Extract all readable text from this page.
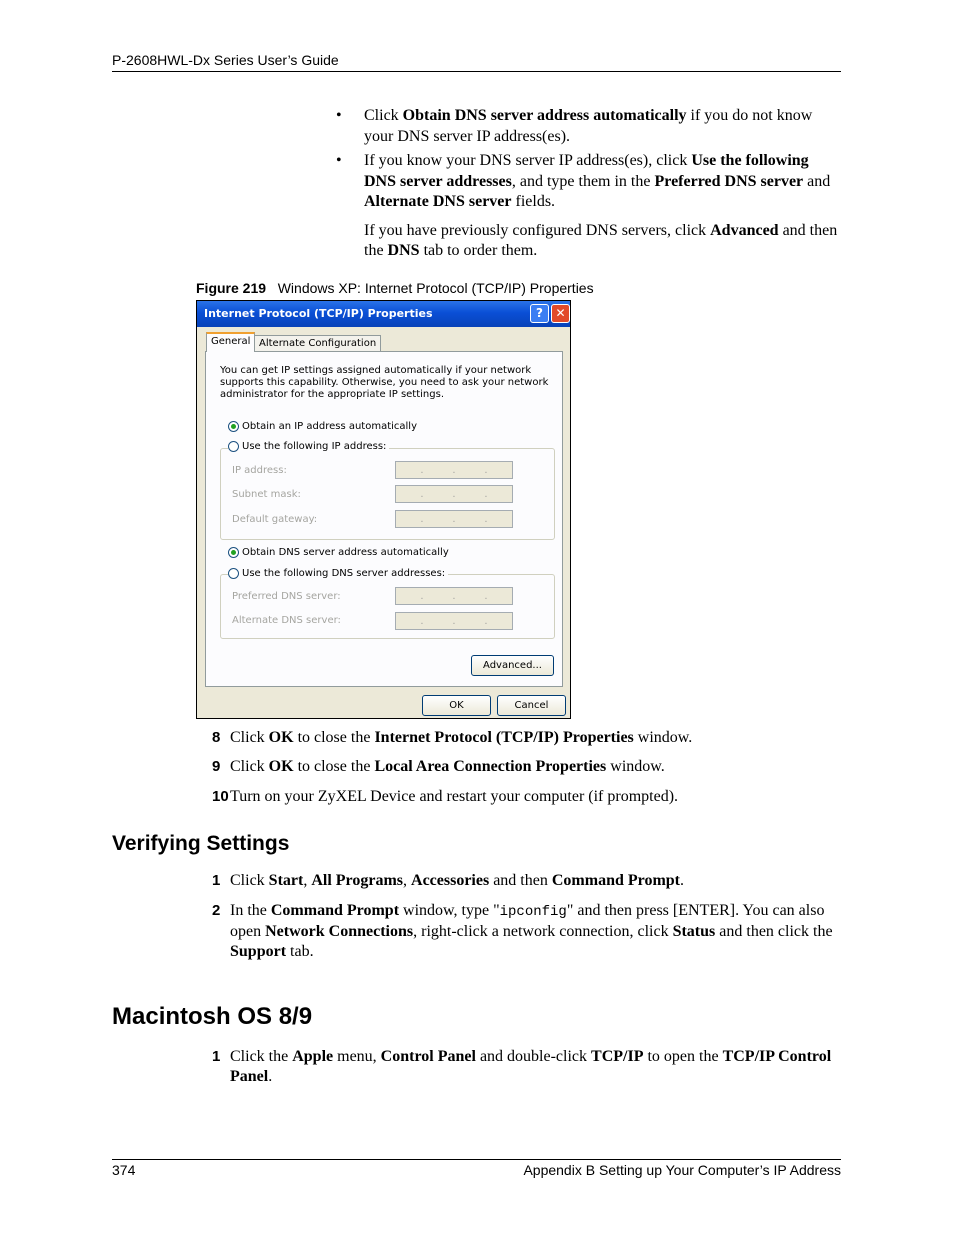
P-2608HWL-Dx Series User’s Guide
• Click Obtain DNS server address automatically if you do not know your DNS server IP address(es).
• If you know your DNS server IP address(es), click Use the following DNS server addresses, and type them in the Preferred DNS server and Alternate DNS server fields.
If you have previously configured DNS servers, click Advanced and then the DNS tab to order them.
Figure 219 Windows XP: Internet Protocol (TCP/IP) Properties
Internet Protocol (TCP/IP) Properties	?	✕
Alternate Configuration
You can get IP settings assigned automatically if your network supports this capability. Otherwise, you need to ask your network administrator for the appropriate IP settings.
Obtain an IP address automatically
Use the following IP address:
IP address:	.	.	.
Subnet mask:	.	.	.
Default gateway:	.	.	.
Obtain DNS server address automatically
Use the following DNS server addresses:
Preferred DNS server:	.	.	.
Alternate DNS server:	.	.	.
Advanced...
General
OK	Cancel
8 Click OK to close the Internet Protocol (TCP/IP) Properties window.
9 Click OK to close the Local Area Connection Properties window.
10 Turn on your ZyXEL Device and restart your computer (if prompted).
Verifying Settings
1 Click Start, All Programs, Accessories and then Command Prompt.
2 In the Command Prompt window, type "ipconfig" and then press [ENTER]. You can also open Network Connections, right-click a network connection, click Status and then click the Support tab.
Macintosh OS 8/9
1 Click the Apple menu, Control Panel and double-click TCP/IP to open the TCP/IP Control Panel.
374	Appendix B Setting up Your Computer’s IP Address
